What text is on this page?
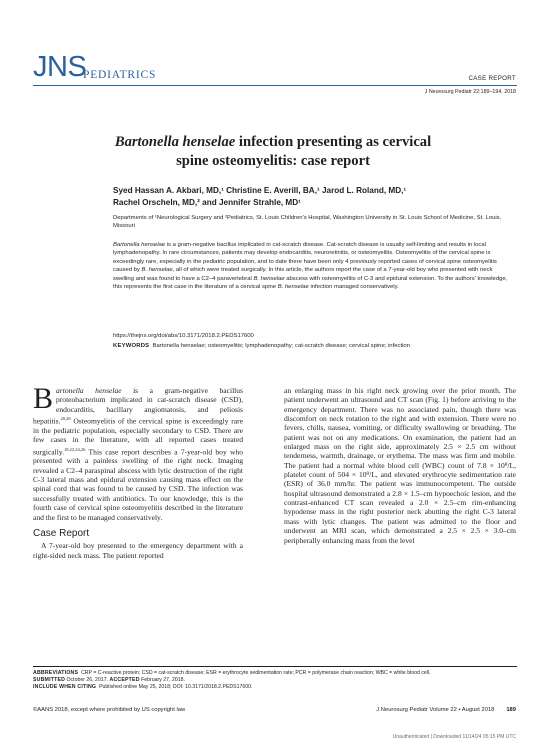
JNS
PEDIATRICS	CASE REPORT
J Neurosurg Pediatr 22:189–194, 2018
Bartonella henselae infection presenting as cervical spine osteomyelitis: case report
Syed Hassan A. Akbari, MD,¹ Christine E. Averill, BA,¹ Jarod L. Roland, MD,¹
Rachel Orscheln, MD,² and Jennifer Strahle, MD¹
Departments of ¹Neurological Surgery and ²Pediatrics, St. Louis Children's Hospital, Washington University in St. Louis School of Medicine, St. Louis, Missouri
Bartonella henselae is a gram-negative bacillus implicated in cat-scratch disease. Cat-scratch disease is usually self-limiting and results in local lymphadenopathy. In rare circumstances, patients may develop endocarditis, neuroretinitis, or osteomyelitis. Osteomyelitis of the cervical spine is exceedingly rare, especially in the pediatric population, and to date there have been only 4 previously reported cases of cervical spine osteomyelitis caused by B. henselae, all of which were treated surgically. In this article, the authors report the case of a 7-year-old boy who presented with neck swelling and was found to have a C2–4 paravertebral B. henselae abscess with osteomyelitis of C-3 and epidural extension. To the authors' knowledge, this represents the first case in the literature of a cervical spine B. henselae infection managed conservatively.
https://thejns.org/doi/abs/10.3171/2018.2.PEDS17600
KEYWORDS Bartonella henselae; osteomyelitis; lymphadenopathy; cat-scratch disease; cervical spine; infection

Bartonella henselae is a gram-negative bacillus proteobacterium implicated in cat-scratch disease (CSD), endocarditis, bacillary angiomatosis, and peliosis hepatitis.$^{20,28}$ Osteomyelitis of the cervical spine is exceedingly rare in the pediatric population, especially secondary to CSD. There are few cases in the literature, with all reported cases treated surgically.$^{18,22,24,26}$ This case report describes a 7-year-old boy who presented with a painless swelling of the right neck. Imaging revealed a C2–4 paraspinal abscess with lytic destruction of the right C-3 lateral mass and epidural extension causing mass effect on the spinal cord that was found to be caused by CSD. The infection was successfully treated with antibiotics. To our knowledge, this is the fourth case of cervical spine osteomyelitis described in the literature and the first to be managed conservatively.

Case Report

A 7-year-old boy presented to the emergency department with a right-sided neck mass. The patient reported

an enlarging mass in his right neck growing over the prior month. The patient underwent an ultrasound and CT scan (Fig. 1) before arriving to the emergency department. There was no associated pain, though there was discomfort on neck rotation to the right and with extension. There were no fevers, chills, nausea, vomiting, or difficulty swallowing or breathing. The patient was not on any medications. On examination, the patient had an enlarged mass on the right side, approximately 2.5 × 2.5 cm without tenderness, warmth, drainage, or erythema. The mass was firm and mobile. The patient had a normal white blood cell (WBC) count of 7.8 × 10⁹/L, platelet count of 504 × 10⁹/L, and elevated erythrocyte sedimentation rate (ESR) of 36.0 mm/hr. The patient was immunocompetent. The outside hospital ultrasound demonstrated a 2.8 × 1.5–cm hypoechoic lesion, and the contrast-enhanced CT scan revealed a 2.0 × 2.5–cm rim-enhancing hypodense mass in the right posterior neck abutting the right C-3 lateral mass with lytic changes. The patient was admitted to the floor and underwent an MRI scan, which demonstrated a 2.5 × 2.5 × 3.0–cm peripherally enhancing mass from the level

ABBREVIATIONS CRP = C-reactive protein; CSD = cat-scratch disease; ESR = erythrocyte sedimentation rate; PCR = polymerase chain reaction; WBC = white blood cell.
SUBMITTED October 26, 2017. ACCEPTED February 27, 2018.
INCLUDE WHEN CITING Published online May 25, 2018; DOI: 10.3171/2018.2.PEDS17600.
©AANS 2018, except where prohibited by US copyright law	J Neurosurg Pediatr Volume 22 • August 2018 189
Unauthenticated | Downloaded 11/14/24 05:15 PM UTC
